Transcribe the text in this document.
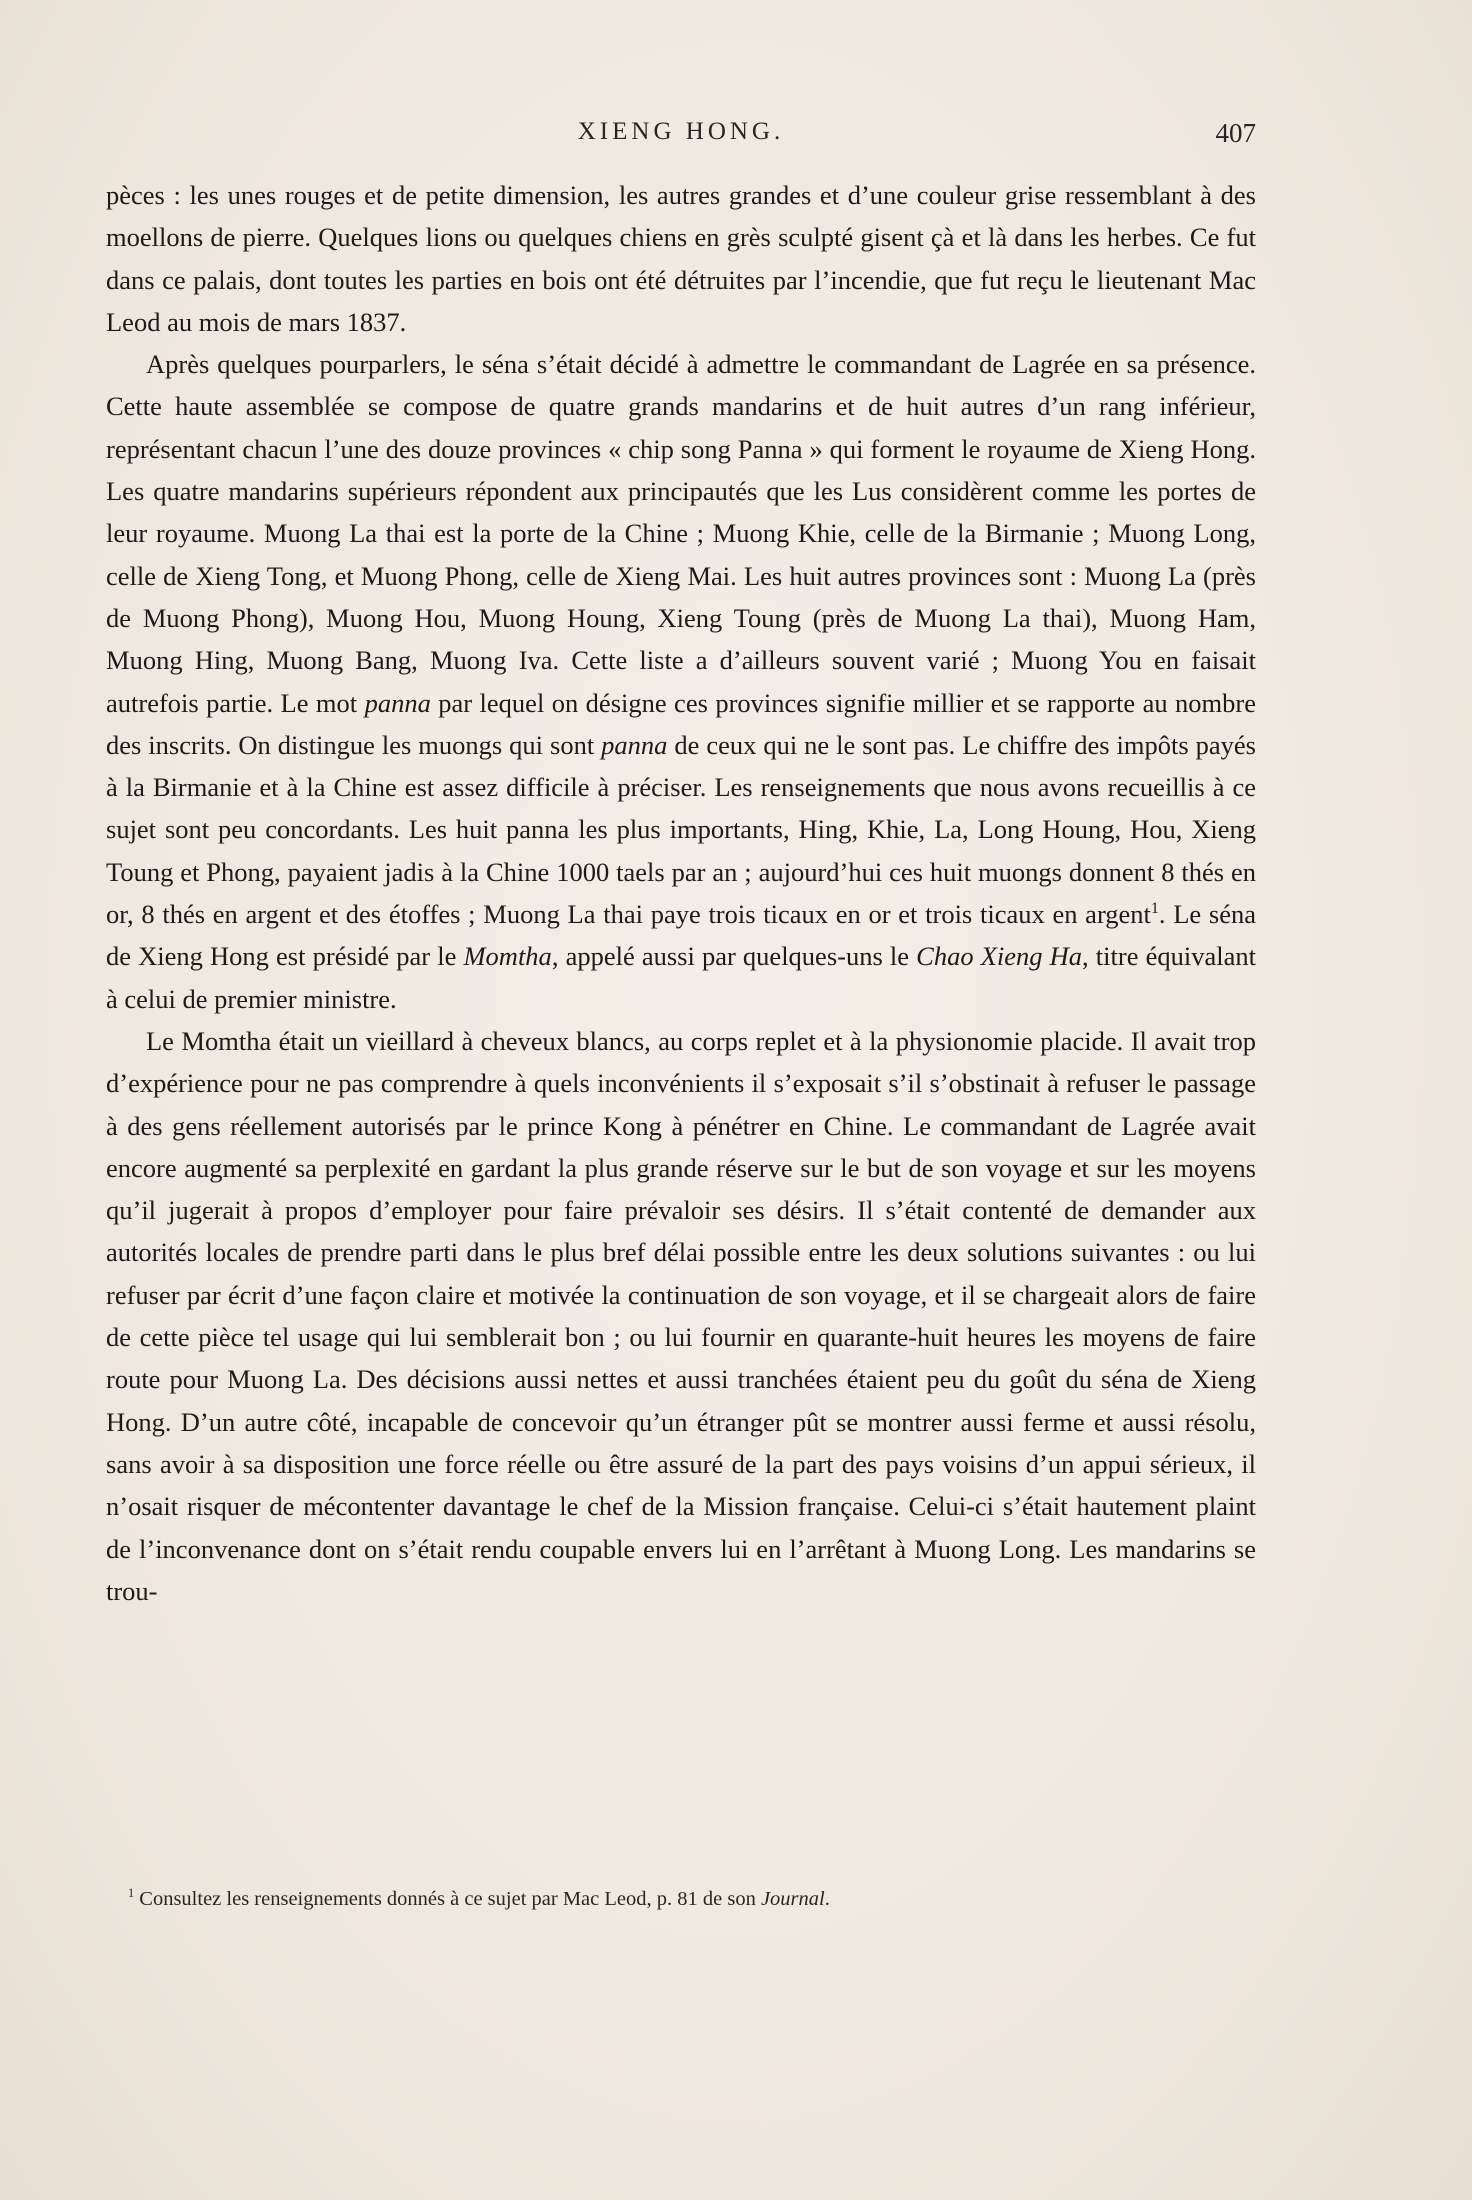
XIENG HONG.	407

pèces : les unes rouges et de petite dimension, les autres grandes et d’une couleur grise ressemblant à des moellons de pierre. Quelques lions ou quelques chiens en grès sculpté gisent çà et là dans les herbes. Ce fut dans ce palais, dont toutes les parties en bois ont été détruites par l’incendie, que fut reçu le lieutenant Mac Leod au mois de mars 1837.

Après quelques pourparlers, le séna s’était décidé à admettre le commandant de Lagrée en sa présence. Cette haute assemblée se compose de quatre grands mandarins et de huit autres d’un rang inférieur, représentant chacun l’une des douze provinces « chip song Panna » qui forment le royaume de Xieng Hong. Les quatre mandarins supérieurs répondent aux principautés que les Lus considèrent comme les portes de leur royaume. Muong La thai est la porte de la Chine ; Muong Khie, celle de la Birmanie ; Muong Long, celle de Xieng Tong, et Muong Phong, celle de Xieng Mai. Les huit autres provinces sont : Muong La (près de Muong Phong), Muong Hou, Muong Houng, Xieng Toung (près de Muong La thai), Muong Ham, Muong Hing, Muong Bang, Muong Iva. Cette liste a d’ailleurs souvent varié ; Muong You en faisait autrefois partie. Le mot panna par lequel on désigne ces provinces signifie millier et se rapporte au nombre des inscrits. On distingue les muongs qui sont panna de ceux qui ne le sont pas. Le chiffre des impôts payés à la Birmanie et à la Chine est assez difficile à préciser. Les renseignements que nous avons recueillis à ce sujet sont peu concordants. Les huit panna les plus importants, Hing, Khie, La, Long Houng, Hou, Xieng Toung et Phong, payaient jadis à la Chine 1000 taels par an ; aujourd’hui ces huit muongs donnent 8 thés en or, 8 thés en argent et des étoffes ; Muong La thai paye trois ticaux en or et trois ticaux en argent$^1$. Le séna de Xieng Hong est présidé par le Momtha, appelé aussi par quelques-uns le Chao Xieng Ha, titre équivalant à celui de premier ministre.

Le Momtha était un vieillard à cheveux blancs, au corps replet et à la physionomie placide. Il avait trop d’expérience pour ne pas comprendre à quels inconvénients il s’exposait s’il s’obstinait à refuser le passage à des gens réellement autorisés par le prince Kong à pénétrer en Chine. Le commandant de Lagrée avait encore augmenté sa perplexité en gardant la plus grande réserve sur le but de son voyage et sur les moyens qu’il jugerait à propos d’employer pour faire prévaloir ses désirs. Il s’était contenté de demander aux autorités locales de prendre parti dans le plus bref délai possible entre les deux solutions suivantes : ou lui refuser par écrit d’une façon claire et motivée la continuation de son voyage, et il se chargeait alors de faire de cette pièce tel usage qui lui semblerait bon ; ou lui fournir en quarante-huit heures les moyens de faire route pour Muong La. Des décisions aussi nettes et aussi tranchées étaient peu du goût du séna de Xieng Hong. D’un autre côté, incapable de concevoir qu’un étranger pût se montrer aussi ferme et aussi résolu, sans avoir à sa disposition une force réelle ou être assuré de la part des pays voisins d’un appui sérieux, il n’osait risquer de mécontenter davantage le chef de la Mission française. Celui-ci s’était hautement plaint de l’inconvenance dont on s’était rendu coupable envers lui en l’arrêtant à Muong Long. Les mandarins se trou-

$^1$ Consultez les renseignements donnés à ce sujet par Mac Leod, p. 81 de son Journal.
